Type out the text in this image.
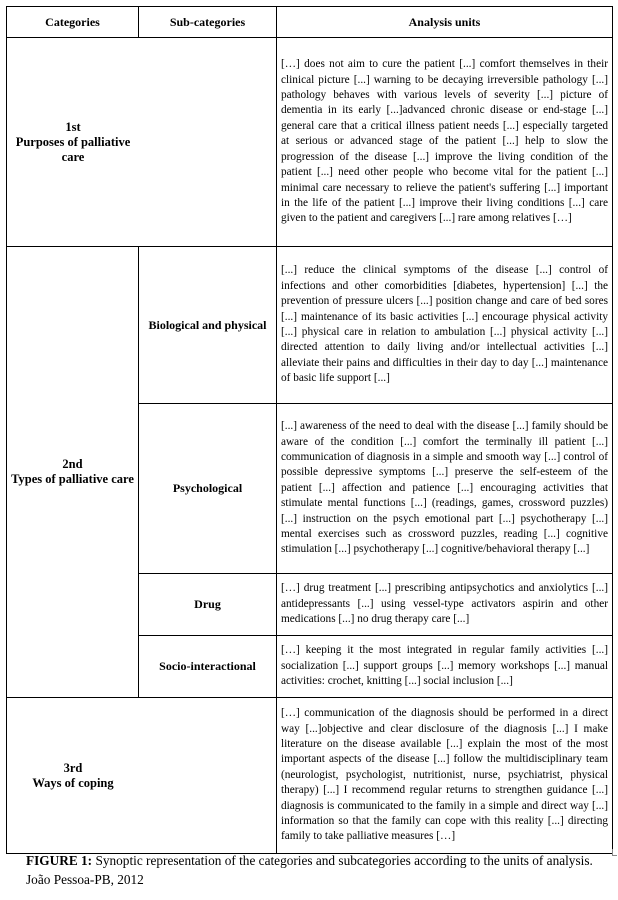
Categories	Sub-categories	Analysis units

1st
Purposes of palliative care		[…] does not aim to cure the patient [...] comfort themselves in their clinical picture [...] warning to be decaying irreversible pathology [...] pathology behaves with various levels of severity [...] picture of dementia in its early [...]advanced chronic disease or end-stage [...] general care that a critical illness patient needs [...] especially targeted at serious or advanced stage of the patient [...] help to slow the progression of the disease [...] improve the living condition of the patient [...] need other people who become vital for the patient [...] minimal care necessary to relieve the patient's suffering [...] important in the life of the patient [...] improve their living conditions [...] care given to the patient and caregivers [...] rare among relatives […]

2nd
Types of palliative care	Biological and physical	[...] reduce the clinical symptoms of the disease [...] control of infections and other comorbidities [diabetes, hypertension] [...] the prevention of pressure ulcers [...] position change and care of bed sores [...] maintenance of its basic activities [...] encourage physical activity [...] physical care in relation to ambulation [...] physical activity [...] directed attention to daily living and/or intellectual activities [...] alleviate their pains and difficulties in their day to day [...] maintenance of basic life support [...]
	Psychological	[...] awareness of the need to deal with the disease [...] family should be aware of the condition [...] comfort the terminally ill patient [...] communication of diagnosis in a simple and smooth way [...] control of possible depressive symptoms [...] preserve the self-esteem of the patient [...] affection and patience [...] encouraging activities that stimulate mental functions [...] (readings, games, crossword puzzles) [...] instruction on the psych emotional part [...] psychotherapy [...] mental exercises such as crossword puzzles, reading [...] cognitive stimulation [...] psychotherapy [...] cognitive/behavioral therapy [...]
	Drug	[…] drug treatment [...] prescribing antipsychotics and anxiolytics [...] antidepressants [...] using vessel-type activators aspirin and other medications [...] no drug therapy care [...]
	Socio-interactional	[…] keeping it the most integrated in regular family activities [...] socialization [...] support groups [...] memory workshops [...] manual activities: crochet, knitting [...] social inclusion [...]

3rd
Ways of coping		[…] communication of the diagnosis should be performed in a direct way [...]objective and clear disclosure of the diagnosis [...] I make literature on the disease available [...] explain the most of the most important aspects of the disease [...] follow the multidisciplinary team (neurologist, psychologist, nutritionist, nurse, psychiatrist, physical therapy) [...] I recommend regular returns to strengthen guidance [...] diagnosis is communicated to the family in a simple and direct way [...] information so that the family can cope with this reality [...] directing family to take palliative measures […]
FIGURE 1: Synoptic representation of the categories and subcategories according to the units of analysis. João Pessoa-PB, 2012
